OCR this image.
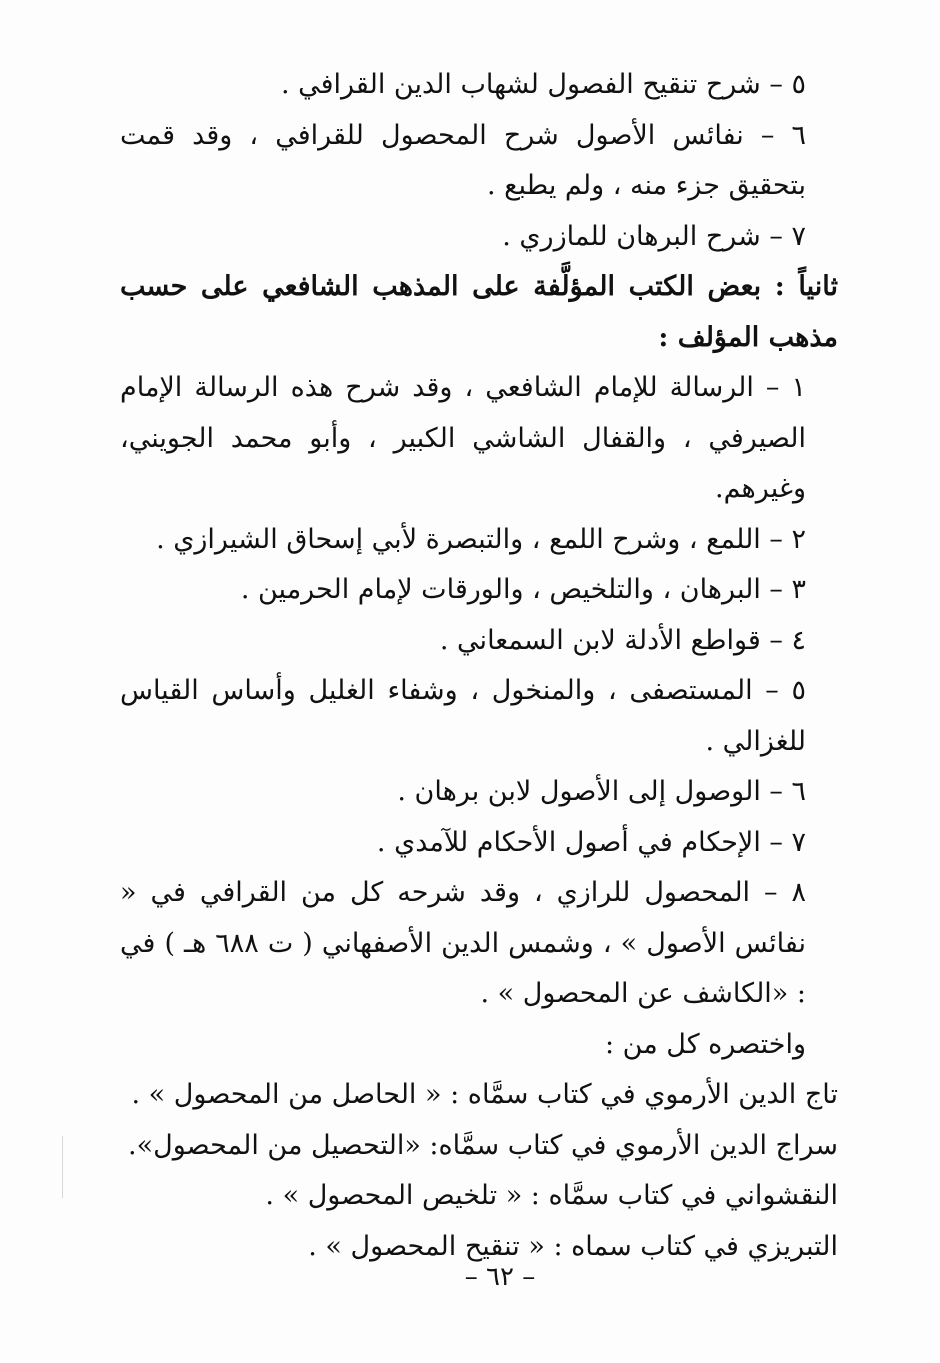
٥ – شرح تنقيح الفصول لشهاب الدين القرافي .

٦ – نفائس الأصول شرح المحصول للقرافي ، وقد قمت بتحقيق جزء منه ، ولم يطبع .

٧ – شرح البرهان للمازري .

ثانياً : بعض الكتب المؤلَّفة على المذهب الشافعي على حسب مذهب المؤلف :

١ – الرسالة للإمام الشافعي ، وقد شرح هذه الرسالة الإمام الصيرفي ، والقفال الشاشي الكبير ، وأبو محمد الجويني، وغيرهم.

٢ – اللمع ، وشرح اللمع ، والتبصرة لأبي إسحاق الشيرازي .

٣ – البرهان ، والتلخيص ، والورقات لإمام الحرمين .

٤ – قواطع الأدلة لابن السمعاني .

٥ – المستصفى ، والمنخول ، وشفاء الغليل وأساس القياس للغزالي .

٦ – الوصول إلى الأصول لابن برهان .

٧ – الإحكام في أصول الأحكام للآمدي .

٨ – المحصول للرازي ، وقد شرحه كل من القرافي في « نفائس الأصول » ، وشمس الدين الأصفهاني ( ت ٦٨٨ هـ ) في : «الكاشف عن المحصول » .

واختصره كل من :

تاج الدين الأرموي في كتاب سمَّاه : « الحاصل من المحصول » .

سراج الدين الأرموي في كتاب سمَّاه: «التحصيل من المحصول».

النقشواني في كتاب سمَّاه : « تلخيص المحصول » .

التبريزي في كتاب سماه : « تنقيح المحصول » .

– ٦٢ –
